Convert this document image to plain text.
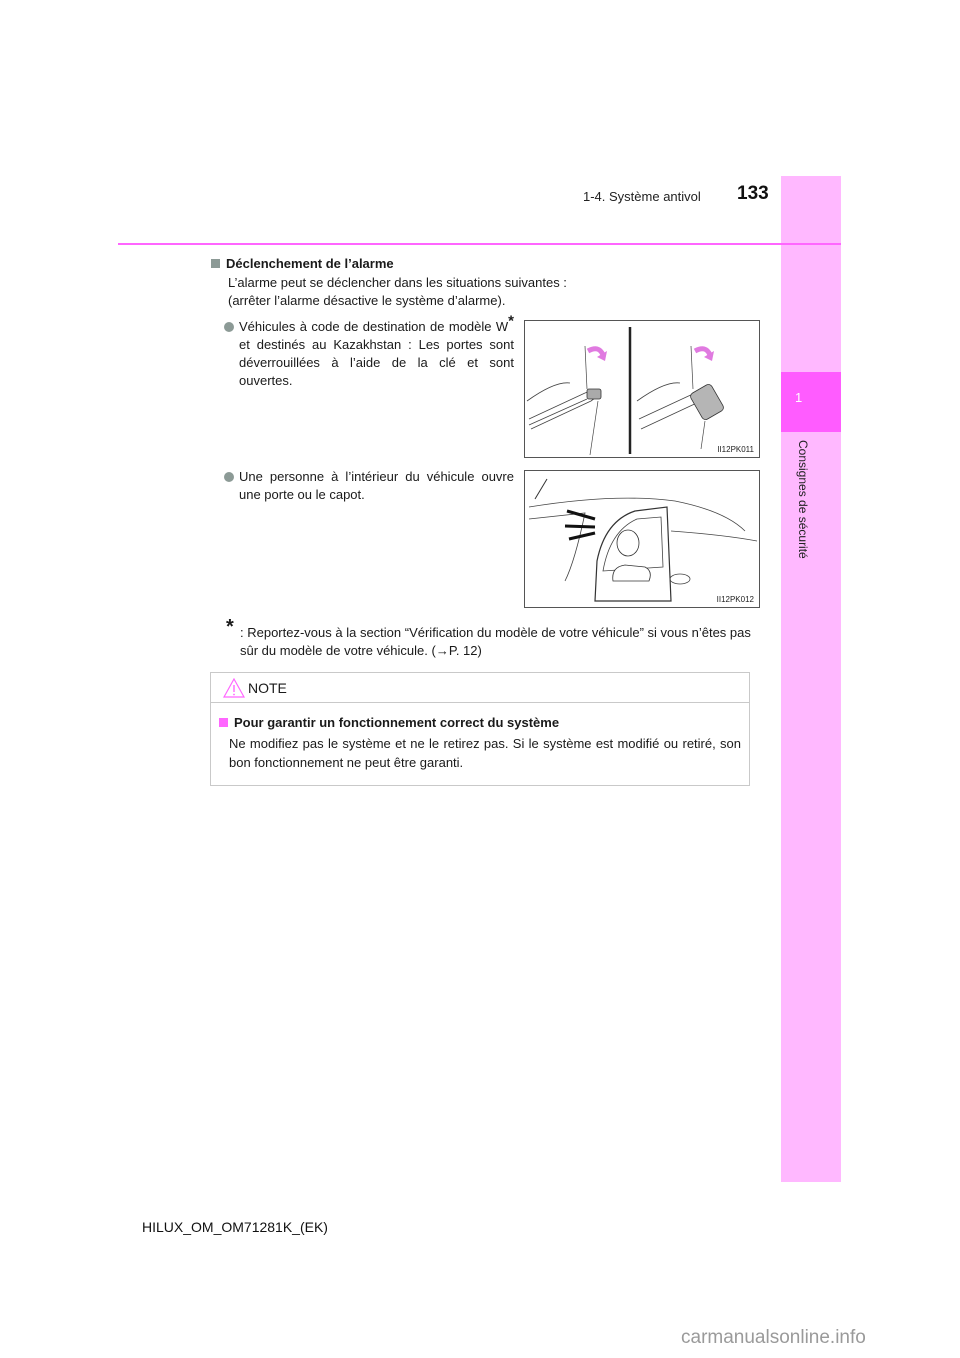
1
Consignes de sécurité
1-4. Système antivol 133
Déclenchement de l’alarme
L’alarme peut se déclencher dans les situations suivantes : (arrêter l’alarme désactive le système d’alarme).
Véhicules à code de destination de modèle W* et destinés au Kazakhstan : Les portes sont déverrouillées à l’aide de la clé et sont ouvertes.
II12PK011
Une personne à l’intérieur du véhicule ouvre une porte ou le capot.
II12PK012
* : Reportez-vous à la section “Vérification du modèle de votre véhicule” si vous n’êtes pas sûr du modèle de votre véhicule. (→P. 12)
NOTE
Pour garantir un fonctionnement correct du système
Ne modifiez pas le système et ne le retirez pas. Si le système est modifié ou retiré, son bon fonctionnement ne peut être garanti.
HILUX_OM_OM71281K_(EK)
carmanualsonline.info
